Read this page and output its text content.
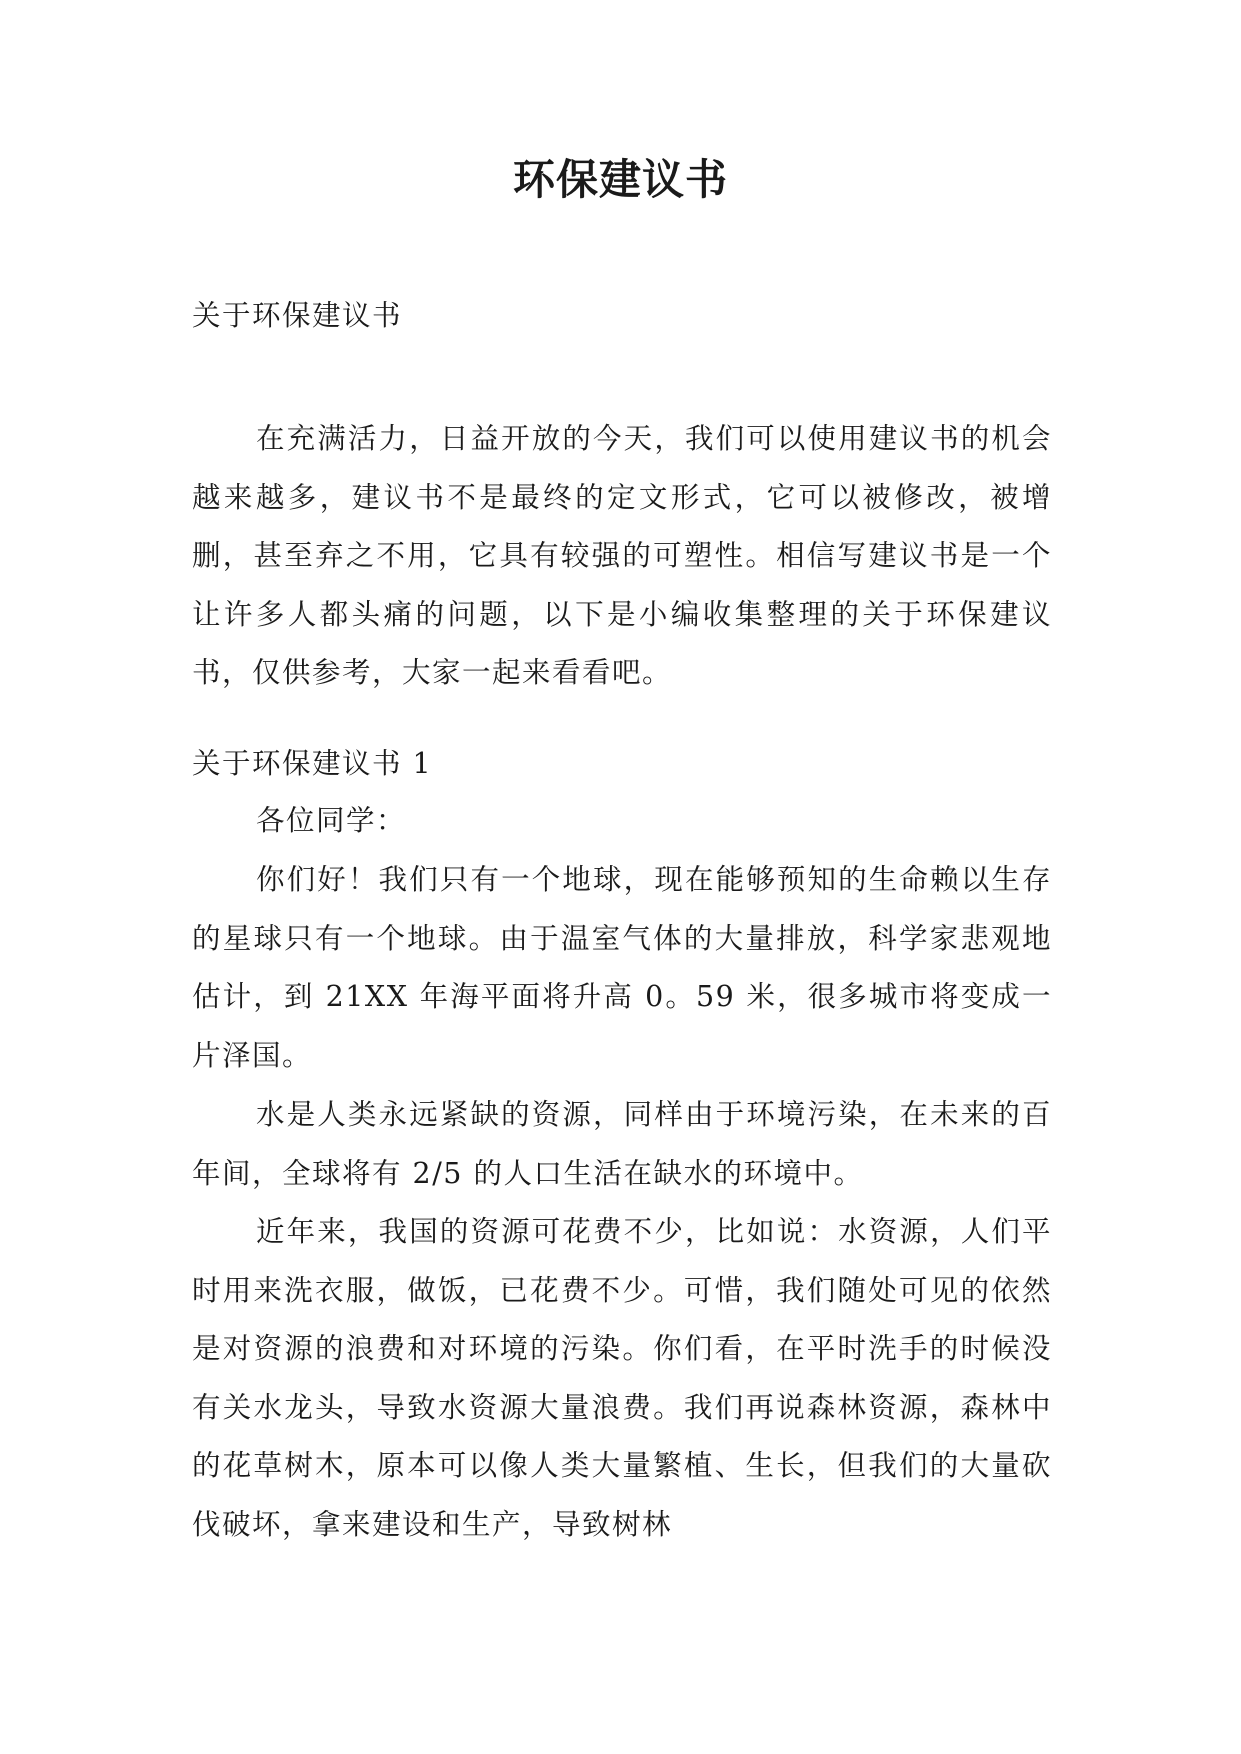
环保建议书

关于环保建议书

在充满活力，日益开放的今天，我们可以使用建议书的机会越来越多，建议书不是最终的定文形式，它可以被修改，被增删，甚至弃之不用，它具有较强的可塑性。相信写建议书是一个让许多人都头痛的问题，以下是小编收集整理的关于环保建议书，仅供参考，大家一起来看看吧。

关于环保建议书 1

各位同学：

你们好！我们只有一个地球，现在能够预知的生命赖以生存的星球只有一个地球。由于温室气体的大量排放，科学家悲观地估计，到 21XX 年海平面将升高 0。59 米，很多城市将变成一片泽国。

水是人类永远紧缺的资源，同样由于环境污染，在未来的百年间，全球将有 2/5 的人口生活在缺水的环境中。

近年来，我国的资源可花费不少，比如说：水资源，人们平时用来洗衣服，做饭，已花费不少。可惜，我们随处可见的依然是对资源的浪费和对环境的污染。你们看，在平时洗手的时候没有关水龙头，导致水资源大量浪费。我们再说森林资源，森林中的花草树木，原本可以像人类大量繁植、生长，但我们的大量砍伐破坏，拿来建设和生产，导致树林
